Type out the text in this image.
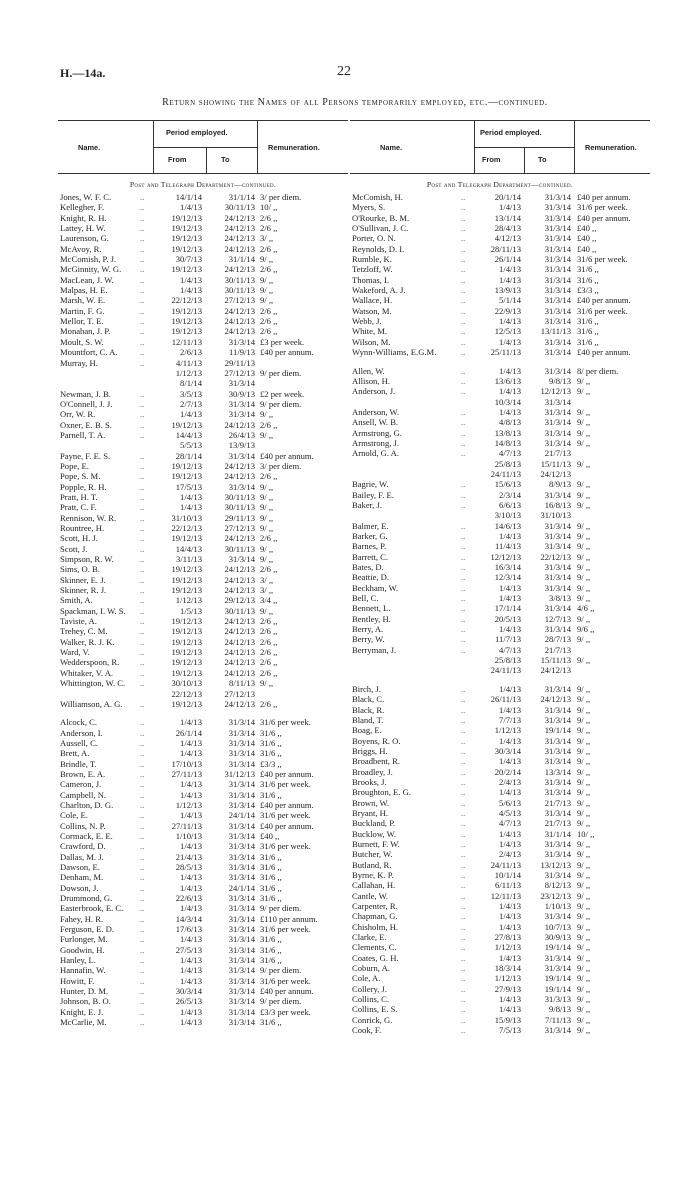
H.—14a.	22
Return showing the Names of all Persons temporarily employed, etc.—continued.
Name.
Period employed.
From	To
Remuneration.
Post and Telegraph Department—continued.
Jones, W. F. C.	14/1/14	31/1/14 3/ per diem.
..
Kellegher, F.	1/4/13	30/11/13 10/ ,,
..
Knight, R. H.	19/12/13	24/12/13 2/6 ,,
..
Lattey, H. W.	19/12/13	24/12/13 2/6 ,,
..
Laurenson, G.	19/12/13	24/12/13 3/ ,,
..
McAvoy, R.	19/12/13	24/12/13 2/6 ,,
..
McComish, P. J.	30/7/13	31/1/14 9/ ,,
..
McGinnity, W. G.	19/12/13	24/12/13 2/6 ,,
..
MacLean, J. W.	1/4/13	30/11/13 9/ ,,
..
Malpas, H. E.	1/4/13	30/11/13 9/ ,,
..
Marsh, W. E.	22/12/13	27/12/13 9/ ,,
..
Martin, F. G.	19/12/13	24/12/13 2/6 ,,
..
Mellor, T. E.	19/12/13	24/12/13 2/6 ,,
..
Monahan, J. P.	19/12/13	24/12/13 2/6 ,,
..
Moult, S. W.	12/11/13	31/3/14 £3 per week.
..
Mountfort, C. A.	2/6/13	11/9/13 £40 per annum.
..
Murray, H.	4/11/13	29/11/13
..
1/12/13	27/12/13 9/ per diem.
8/1/14	31/3/14
Newman, J. B.	3/5/13	30/9/13 £2 per week.
..
O'Connell, J. J.	2/7/13	31/3/14 9/ per diem.
..
Orr, W. R.	1/4/13	31/3/14 9/ ,,
..
Oxner, E. B. S.	19/12/13	24/12/13 2/6 ,,
..
Parnell, T. A.	14/4/13	26/4/13 9/ ,,
..
5/5/13	13/9/13
Payne, F. E. S.	28/1/14	31/3/14 £40 per annum.
..
Pope, E.	19/12/13	24/12/13 3/ per diem.
..
Pope, S. M.	19/12/13	24/12/13 2/6 ,,
..
Popple, R. H.	17/5/13	31/3/14 9/ ,,
..
Pratt, H. T.	1/4/13	30/11/13 9/ ,,
..
Pratt, C. F.	1/4/13	30/11/13 9/ ,,
..
Rennison, W. R.	31/10/13	29/11/13 9/ ,,
..
Rountree, H.	22/12/13	27/12/13 9/ ,,
..
Scott, H. J.	19/12/13	24/12/13 2/6 ,,
..
Scott, J.	14/4/13	30/11/13 9/ ,,
..
Simpson, R. W.	3/11/13	31/3/14 9/ ,,
..
Sims, O. B.	19/12/13	24/12/13 2/6 ,,
..
Skinner, E. J.	19/12/13	24/12/13 3/ ,,
..
Skinner, R. J.	19/12/13	24/12/13 3/ ,,
..
Smith, A.	1/12/13	29/12/13 3/4 ,,
..
Spackman, I. W. S.	1/5/13	30/11/13 9/ ,,
..
Taviste, A.	19/12/13	24/12/13 2/6 ,,
..
Trehey, C. M.	19/12/13	24/12/13 2/6 ,,
..
Walker, R. J. K.	19/12/13	24/12/13 2/6 ,,
..
Ward, V.	19/12/13	24/12/13 2/6 ,,
..
Wedderspoon, R.	19/12/13	24/12/13 2/6 ,,
..
Whitaker, V. A.	19/12/13	24/12/13 2/6 ,,
..
Whittington, W. C.	30/10/13	8/11/13 9/ ,,
..
22/12/13	27/12/13
Williamson, A. G.	19/12/13	24/12/13 2/6 ,,
..
Alcock, C.	1/4/13	31/3/14 31/6 per week.
..
Anderson, I.	26/1/14	31/3/14 31/6 ,,
..
Aussell, C.	1/4/13	31/3/14 31/6 ,,
..
Brett, A.	1/4/13	31/3/14 31/6 ,,
..
Brindle, T.	17/10/13	31/3/14 £3/3 ,,
..
Brown, E. A.	27/11/13	31/12/13 £40 per annum.
..
Cameron, J.	1/4/13	31/3/14 31/6 per week.
..
Campbell, N.	1/4/13	31/3/14 31/6 ,,
..
Charlton, D. G.	1/12/13	31/3/14 £40 per annum.
..
Cole, E.	1/4/13	24/1/14 31/6 per week.
..
Collins, N. P.	27/11/13	31/3/14 £40 per annum.
..
Cormack, E. E.	1/10/13	31/3/14 £40 ,,
..
Crawford, D.	1/4/13	31/3/14 31/6 per week.
..
Dallas, M. J.	21/4/13	31/3/14 31/6 ,,
..
Dawson, E.	28/5/13	31/3/14 31/6 ,,
..
Denham, M.	1/4/13	31/3/14 31/6 ,,
..
Dowson, J.	1/4/13	24/1/14 31/6 ,,
..
Drummond, G.	22/6/13	31/3/14 31/6 ,,
..
Easterbrook, E. C.	1/4/13	31/3/14 9/ per diem.
..
Fahey, H. R.	14/3/14	31/3/14 £110 per annum.
..
Ferguson, E. D.	17/6/13	31/3/14 31/6 per week.
..
Furlonger, M.	1/4/13	31/3/14 31/6 ,,
..
Goodwin, H.	27/5/13	31/3/14 31/6 ,,
..
Hanley, L.	1/4/13	31/3/14 31/6 ,,
..
Hannafin, W.	1/4/13	31/3/14 9/ per diem.
..
Howitt, F.	1/4/13	31/3/14 31/6 per week.
..
Hunter, D. M.	30/3/14	31/3/14 £40 per annum.
..
Johnson, B. O.	26/5/13	31/3/14 9/ per diem.
..
Knight, E. J.	1/4/13	31/3/14 £3/3 per week.
..
McCarlie, M.	1/4/13	31/3/14 31/6 ,,
..
Name.
Period employed.
From	To
Remuneration.
Post and Telegraph Department—continued.
McComish, H.	20/1/14	31/3/14 £40 per annum.
..
Myers, S.	1/4/13	31/3/14 31/6 per week.
..
O'Rourke, B. M.	13/1/14	31/3/14 £40 per annum.
..
O'Sullivan, J. C.	28/4/13	31/3/14 £40 ,,
..
Porter, O. N.	4/12/13	31/3/14 £40 ,,
..
Reynolds, D. I.	28/11/13	31/3/14 £40 ,,
..
Rumble, K.	26/1/14	31/3/14 31/6 per week.
..
Tetzloff, W.	1/4/13	31/3/14 31/6 ,,
..
Thomas, I.	1/4/13	31/3/14 31/6 ,,
..
Wakeford, A. J.	13/9/13	31/3/14 £3/3 ,,
..
Wallace, H.	5/1/14	31/3/14 £40 per annum.
..
Watson, M.	22/9/13	31/3/14 31/6 per week.
..
Webb, J.	1/4/13	31/3/14 31/6 ,,
..
White, M.	12/5/13	13/11/13 31/6 ,,
..
Wilson, M.	1/4/13	31/3/14 31/6 ,,
..
Wynn-Williams, E.G.M.	25/11/13	31/3/14 £40 per annum.
..
Allen, W.	1/4/13	31/3/14 8/ per diem.
..
Allison, H.	13/6/13	9/8/13 9/ ,,
..
Anderson, J.	1/4/13	12/12/13 9/ ,,
..
10/3/14	31/3/14
Anderson, W.	1/4/13	31/3/14 9/ ,,
..
Ansell, W. B.	4/8/13	31/3/14 9/ ,,
..
Armstrong, G.	13/8/13	31/3/14 9/ ,,
..
Armstrong, J.	14/8/13	31/3/14 9/ ,,
..
Arnold, G. A.	4/7/13	21/7/13
..
25/8/13	15/11/13 9/ ,,
24/11/13	24/12/13
Bagrie, W.	15/6/13	8/9/13 9/ ,,
..
Bailey, F. E.	2/3/14	31/3/14 9/ ,,
..
Baker, J.	6/6/13	16/8/13 9/ ,,
..
3/10/13	31/10/13
Balmer, E.	14/6/13	31/3/14 9/ ,,
..
Barker, G.	1/4/13	31/3/14 9/ ,,
..
Barnes, P.	11/4/13	31/3/14 9/ ,,
..
Barrett, C.	12/12/13	22/12/13 9/ ,,
..
Bates, D.	16/3/14	31/3/14 9/ ,,
..
Beattie, D.	12/3/14	31/3/14 9/ ,,
..
Beckham, W.	1/4/13	31/3/14 9/ ,,
..
Bell, C.	1/4/13	3/8/13 9/ ,,
..
Bennett, L.	17/1/14	31/3/14 4/6 ,,
..
Bentley, H.	20/5/13	12/7/13 9/ ,,
..
Berry, A.	1/4/13	31/3/14 9/6 ,,
..
Berry, W.	11/7/13	28/7/13 9/ ,,
..
Berryman, J.	4/7/13	21/7/13
..
25/8/13	15/11/13 9/ ,,
24/11/13	24/12/13
Birch, J.	1/4/13	31/3/14 9/ ,,
..
Black, C.	26/11/13	24/12/13 9/ ,,
..
Black, R.	1/4/13	31/3/14 9/ ,,
..
Bland, T.	7/7/13	31/3/14 9/ ,,
..
Boag, E.	1/12/13	19/1/14 9/ ,,
..
Boyens, R. O.	1/4/13	31/3/14 9/ ,,
..
Briggs, H.	30/3/14	31/3/14 9/ ,,
..
Broadbent, R.	1/4/13	31/3/14 9/ ,,
..
Broadley, J.	20/2/14	13/3/14 9/ ,,
..
Brooks, J.	2/4/13	31/3/14 9/ ,,
..
Broughton, E. G.	1/4/13	31/3/14 9/ ,,
..
Brown, W.	5/6/13	21/7/13 9/ ,,
..
Bryant, H.	4/5/13	31/3/14 9/ ,,
..
Buckland, P.	4/7/13	21/7/13 9/ ,,
..
Bucklow, W.	1/4/13	31/1/14 10/ ,,
..
Burnett, F. W.	1/4/13	31/3/14 9/ ,,
..
Butcher, W.	2/4/13	31/3/14 9/ ,,
..
Butland, R.	24/11/13	13/12/13 9/ ,,
..
Byrne, K. P.	10/1/14	31/3/14 9/ ,,
..
Callahan, H.	6/11/13	8/12/13 9/ ,,
..
Cantle, W.	12/11/13	23/12/13 9/ ,,
..
Carpenter, R.	1/4/13	1/10/13 9/ ,,
..
Chapman, G.	1/4/13	31/3/14 9/ ,,
..
Chisholm, H.	1/4/13	10/7/13 9/ ,,
..
Clarke, E.	27/8/13	30/9/13 9/ ,,
..
Clements, C.	1/12/13	19/1/14 9/ ,,
..
Coates, G. H.	1/4/13	31/3/14 9/ ,,
..
Coburn, A.	18/3/14	31/3/14 9/ ,,
..
Cole, A.	1/12/13	19/1/14 9/ ,,
..
Collery, J.	27/9/13	19/1/14 9/ ,,
..
Collins, C.	1/4/13	31/3/13 9/ ,,
..
Collins, E. S.	1/4/13	9/8/13 9/ ,,
..
Conrick, G.	15/9/13	7/11/13 9/ ,,
..
Cook, F.	7/5/13	31/3/14 9/ ,,
..
